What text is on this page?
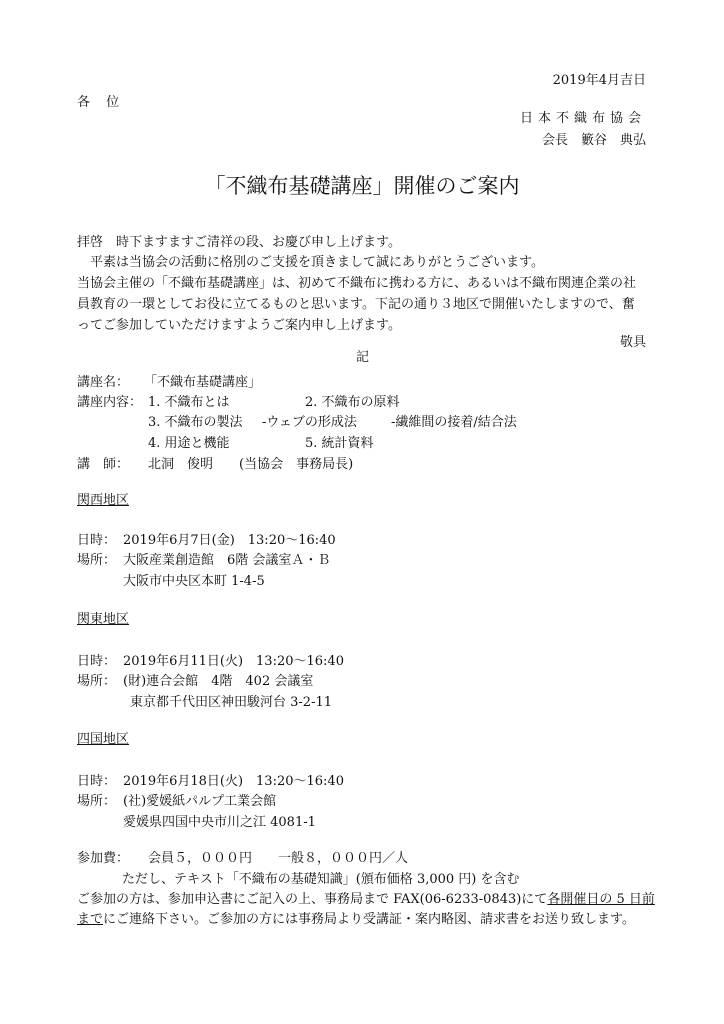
2019年4月吉日
各 位
日本不織布協会
会長　籔谷　典弘
「不織布基礎講座」開催のご案内
拝啓　時下ますますご清祥の段、お慶び申し上げます。
　平素は当協会の活動に格別のご支援を頂きまして誠にありがとうございます。
当協会主催の「不織布基礎講座」は、初めて不織布に携わる方に、あるいは不織布関連企業の社
員教育の一環としてお役に立てるものと思います。下記の通り３地区で開催いたしますので、奮
ってご参加していただけますようご案内申し上げます。
敬具
記
講座名： 「不織布基礎講座」
講座内容： 1. 不織布とは	2. 不織布の原料
3. 不織布の製法 -ウェブの形成法	-繊維間の接着/結合法
4. 用途と機能	5. 統計資料
講　師： 北洞　俊明　　(当協会　事務局長)
関西地区
日時： 2019年6月7日(金)　13:20～16:40
場所： 大阪産業創造館　6階 会議室Ａ・Ｂ
大阪市中央区本町 1-4-5
関東地区
日時： 2019年6月11日(火)　13:20～16:40
場所： (財)連合会館　4階　402 会議室
東京都千代田区神田駿河台 3-2-11
四国地区
日時： 2019年6月18日(火)　13:20～16:40
場所： (社)愛媛紙パルプ工業会館
愛媛県四国中央市川之江 4081-1
参加費： 会員５，０００円　　一般８，０００円／人
ただし、テキスト「不織布の基礎知識」(頒布価格 3,000 円) を含む
ご参加の方は、参加申込書にご記入の上、事務局まで FAX(06-6233-0843)にて各開催日の 5 日前
までにご連絡下さい。ご参加の方には事務局より受講証・案内略図、請求書をお送り致します。
